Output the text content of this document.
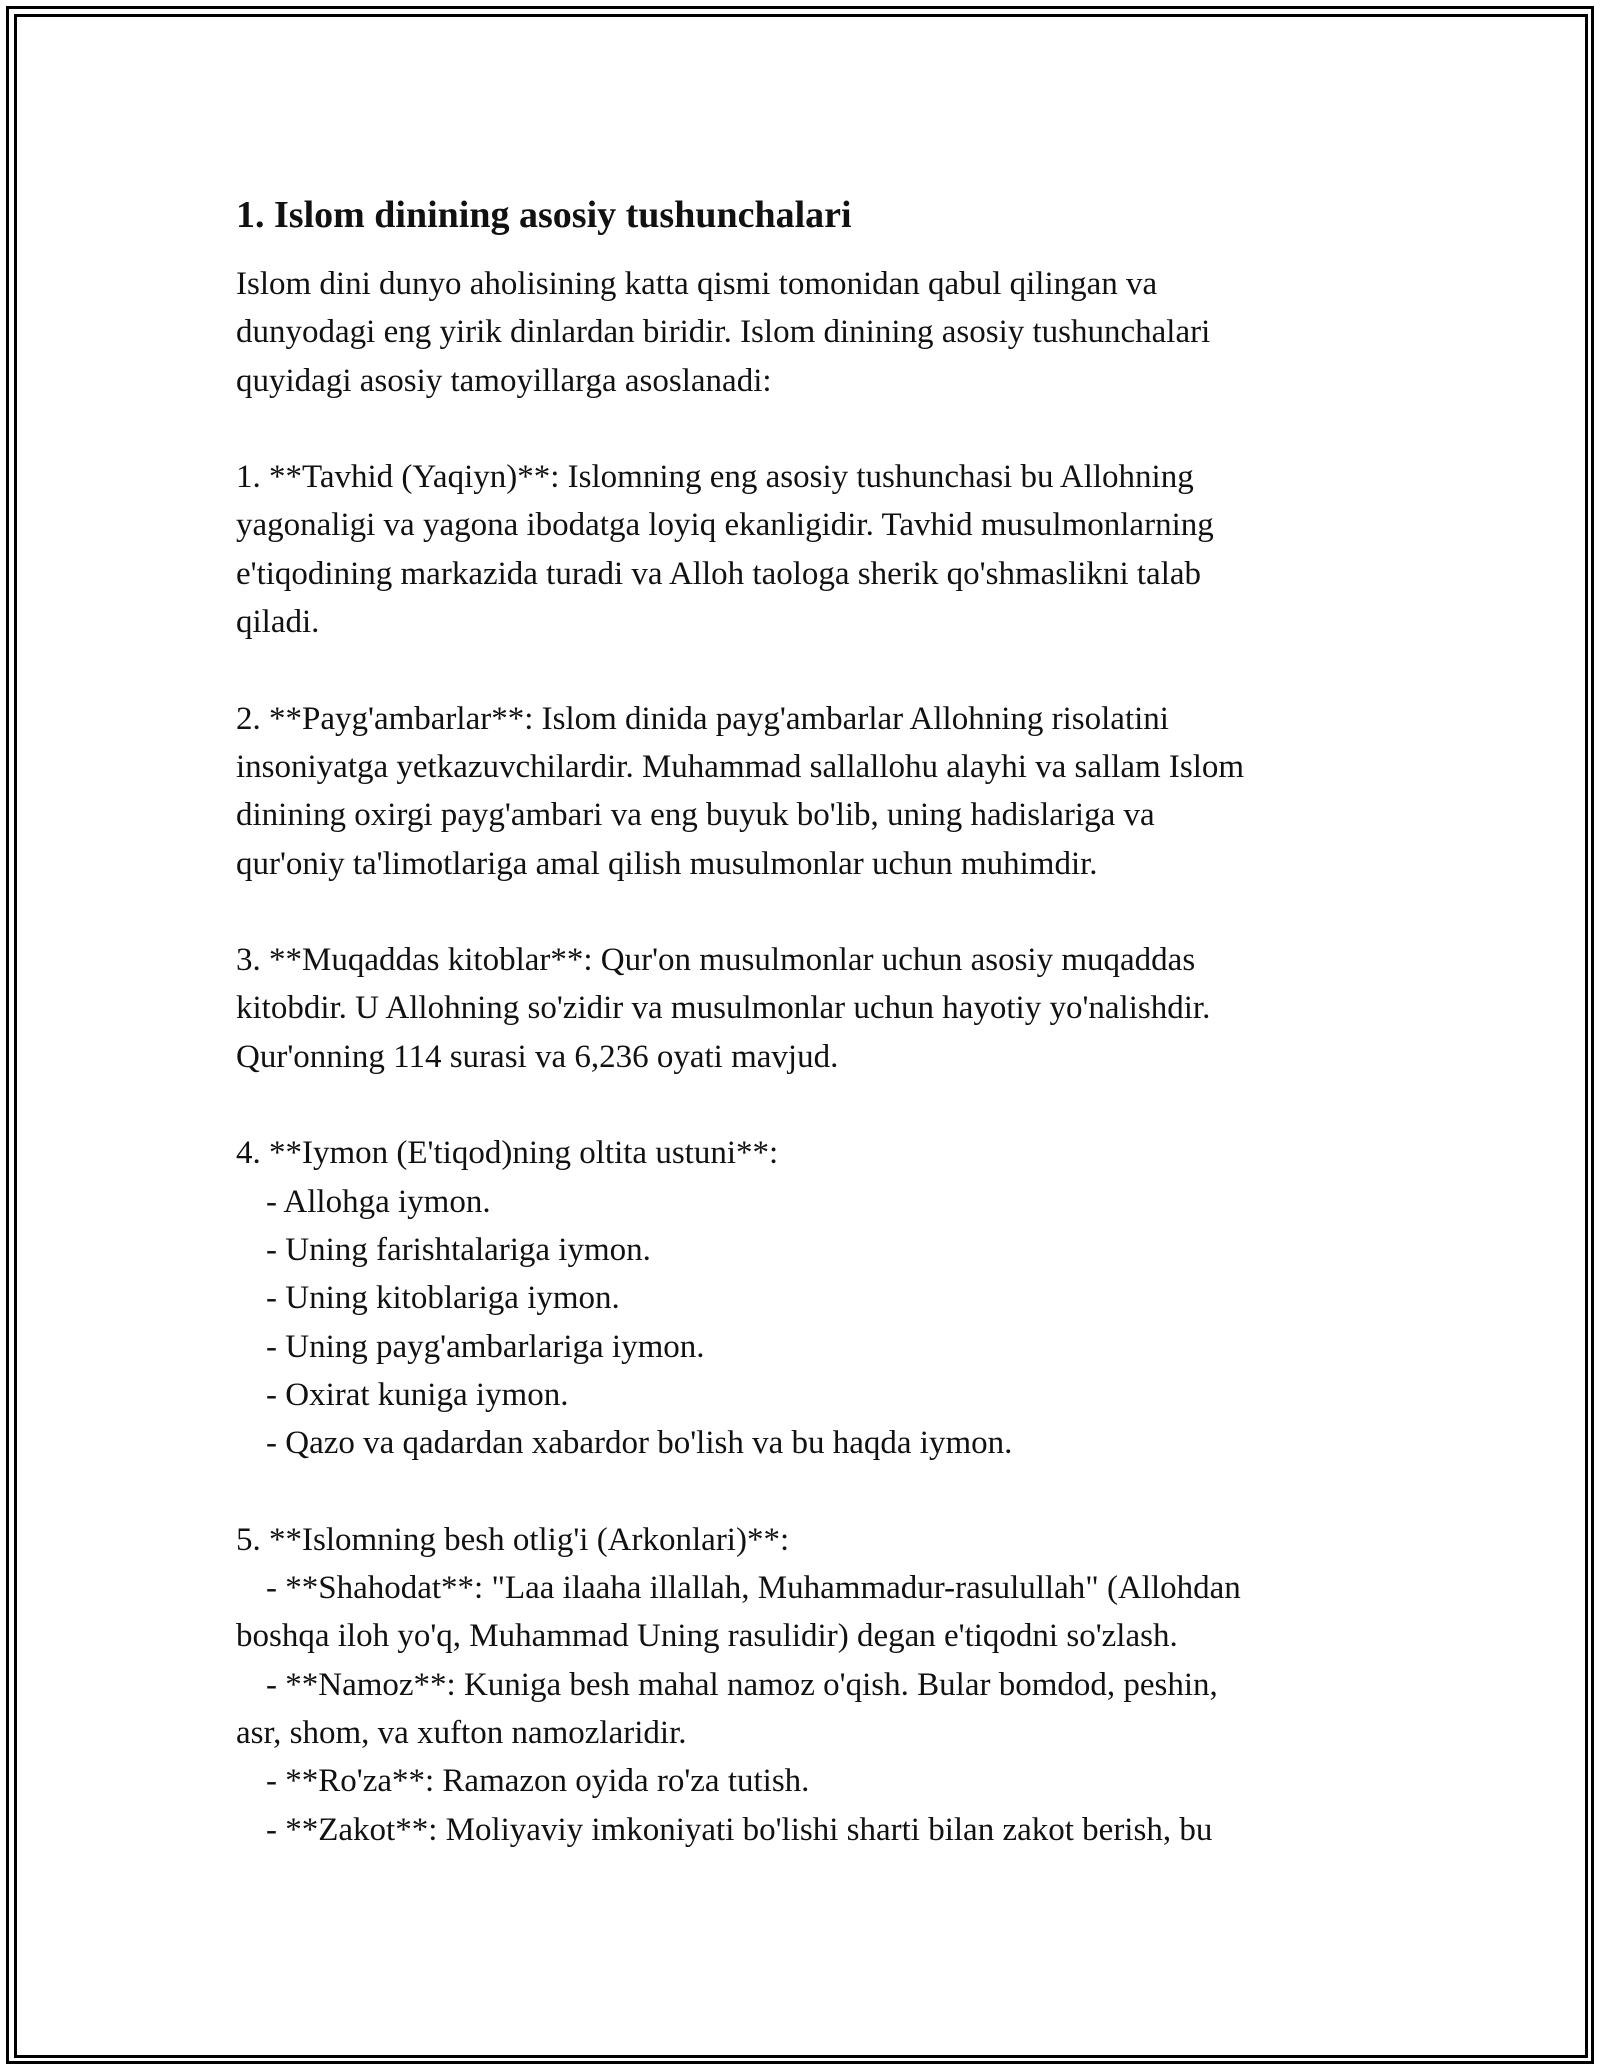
1. Islom dinining asosiy tushunchalari
Islom dini dunyo aholisining katta qismi tomonidan qabul qilingan va
dunyodagi eng yirik dinlardan biridir. Islom dinining asosiy tushunchalari
quyidagi asosiy tamoyillarga asoslanadi:
1. **Tavhid (Yaqiyn)**: Islomning eng asosiy tushunchasi bu Allohning
yagonaligi va yagona ibodatga loyiq ekanligidir. Tavhid musulmonlarning
e'tiqodining markazida turadi va Alloh taologa sherik qo'shmaslikni talab
qiladi.
2. **Payg'ambarlar**: Islom dinida payg'ambarlar Allohning risolatini
insoniyatga yetkazuvchilardir. Muhammad sallallohu alayhi va sallam Islom
dinining oxirgi payg'ambari va eng buyuk bo'lib, uning hadislariga va
qur'oniy ta'limotlariga amal qilish musulmonlar uchun muhimdir.
3. **Muqaddas kitoblar**: Qur'on musulmonlar uchun asosiy muqaddas
kitobdir. U Allohning so'zidir va musulmonlar uchun hayotiy yo'nalishdir.
Qur'onning 114 surasi va 6,236 oyati mavjud.
4. **Iymon (E'tiqod)ning oltita ustuni**:
- Allohga iymon.
- Uning farishtalariga iymon.
- Uning kitoblariga iymon.
- Uning payg'ambarlariga iymon.
- Oxirat kuniga iymon.
- Qazo va qadardan xabardor bo'lish va bu haqda iymon.
5. **Islomning besh otlig'i (Arkonlari)**:
- **Shahodat**: "Laa ilaaha illallah, Muhammadur-rasulullah" (Allohdan
boshqa iloh yo'q, Muhammad Uning rasulidir) degan e'tiqodni so'zlash.
- **Namoz**: Kuniga besh mahal namoz o'qish. Bular bomdod, peshin,
asr, shom, va xufton namozlaridir.
- **Ro'za**: Ramazon oyida ro'za tutish.
- **Zakot**: Moliyaviy imkoniyati bo'lishi sharti bilan zakot berish, bu
